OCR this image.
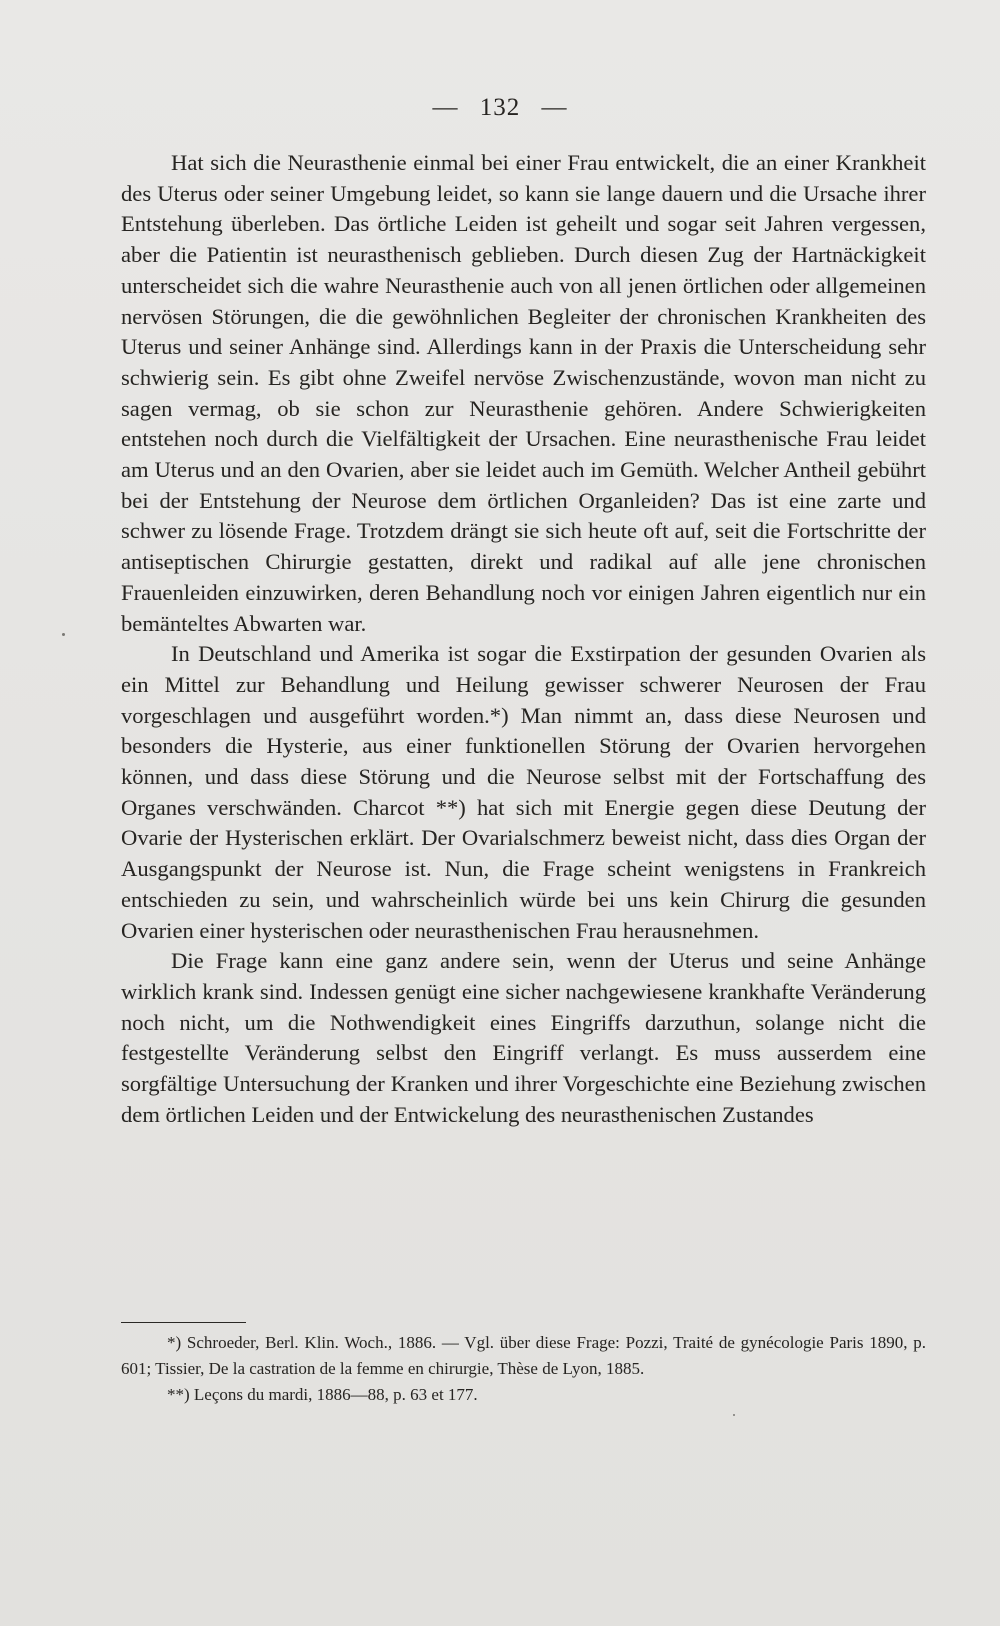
— 132 —

Hat sich die Neurasthenie einmal bei einer Frau entwickelt, die an einer Krankheit des Uterus oder seiner Umgebung leidet, so kann sie lange dauern und die Ursache ihrer Entstehung überleben. Das örtliche Leiden ist geheilt und sogar seit Jahren vergessen, aber die Patientin ist neurasthenisch geblieben. Durch diesen Zug der Hartnäckigkeit unterscheidet sich die wahre Neurasthenie auch von all jenen örtlichen oder allgemeinen nervösen Störungen, die die gewöhnlichen Begleiter der chronischen Krankheiten des Uterus und seiner Anhänge sind. Allerdings kann in der Praxis die Unterscheidung sehr schwierig sein. Es gibt ohne Zweifel nervöse Zwischenzustände, wovon man nicht zu sagen vermag, ob sie schon zur Neurasthenie gehören. Andere Schwierigkeiten entstehen noch durch die Vielfältigkeit der Ursachen. Eine neurasthenische Frau leidet am Uterus und an den Ovarien, aber sie leidet auch im Gemüth. Welcher Antheil gebührt bei der Entstehung der Neurose dem örtlichen Organleiden? Das ist eine zarte und schwer zu lösende Frage. Trotzdem drängt sie sich heute oft auf, seit die Fortschritte der antiseptischen Chirurgie gestatten, direkt und radikal auf alle jene chronischen Frauenleiden einzuwirken, deren Behandlung noch vor einigen Jahren eigentlich nur ein bemänteltes Abwarten war.

In Deutschland und Amerika ist sogar die Exstirpation der gesunden Ovarien als ein Mittel zur Behandlung und Heilung gewisser schwerer Neurosen der Frau vorgeschlagen und ausgeführt worden.*) Man nimmt an, dass diese Neurosen und besonders die Hysterie, aus einer funktionellen Störung der Ovarien hervorgehen können, und dass diese Störung und die Neurose selbst mit der Fortschaffung des Organes verschwänden. Charcot **) hat sich mit Energie gegen diese Deutung der Ovarie der Hysterischen erklärt. Der Ovarialschmerz beweist nicht, dass dies Organ der Ausgangspunkt der Neurose ist. Nun, die Frage scheint wenigstens in Frankreich entschieden zu sein, und wahrscheinlich würde bei uns kein Chirurg die gesunden Ovarien einer hysterischen oder neurasthenischen Frau herausnehmen.

Die Frage kann eine ganz andere sein, wenn der Uterus und seine Anhänge wirklich krank sind. Indessen genügt eine sicher nachgewiesene krankhafte Veränderung noch nicht, um die Nothwendigkeit eines Eingriffs darzuthun, solange nicht die festgestellte Veränderung selbst den Eingriff verlangt. Es muss ausserdem eine sorgfältige Untersuchung der Kranken und ihrer Vorgeschichte eine Beziehung zwischen dem örtlichen Leiden und der Entwickelung des neurasthenischen Zustandes

*) Schroeder, Berl. Klin. Woch., 1886. — Vgl. über diese Frage: Pozzi, Traité de gynécologie Paris 1890, p. 601; Tissier, De la castration de la femme en chirurgie, Thèse de Lyon, 1885.

**) Leçons du mardi, 1886—88, p. 63 et 177.
